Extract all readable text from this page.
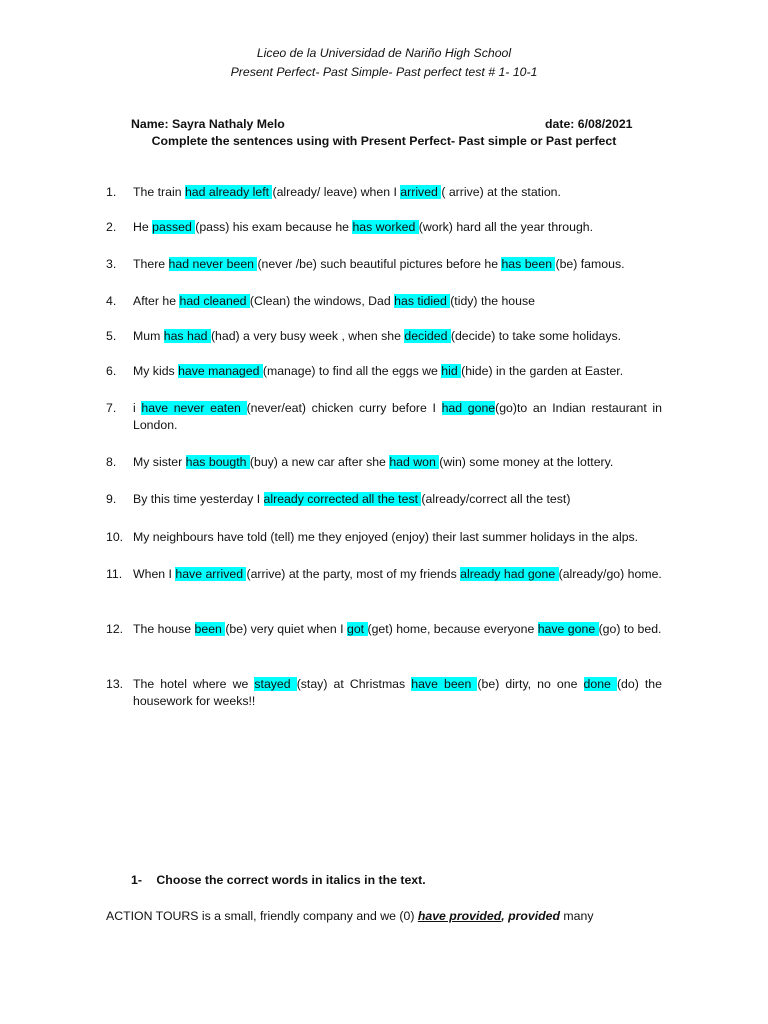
Liceo de la Universidad de Nariño High School
Present Perfect- Past Simple- Past perfect test # 1- 10-1
Name: Sayra Nathaly Melo	date: 6/08/2021
Complete the sentences using with Present Perfect- Past simple or Past perfect
1.	The train had already left (already/ leave) when I arrived ( arrive) at the station.
2.	He passed (pass) his exam because he has worked (work) hard all the year through.
3.	There had never been (never /be) such beautiful pictures before he has been (be) famous.
4.	After he had cleaned (Clean) the windows, Dad has tidied (tidy) the house
5.	Mum has had (had) a very busy week , when she decided (decide) to take some holidays.
6.	My kids have managed (manage) to find all the eggs we hid (hide) in the garden at Easter.
7.	i have never eaten (never/eat) chicken curry before I had gone(go)to an Indian restaurant in London.
8.	My sister has bougth (buy) a new car after she had won (win) some money at the lottery.
9.	By this time yesterday I already corrected all the test (already/correct all the test)
10. My neighbours have told (tell) me they enjoyed (enjoy) their last summer holidays in the alps.
11. When I have arrived (arrive) at the party, most of my friends already had gone (already/go) home.
12. The house been (be) very quiet when I got (get) home, because everyone have gone (go) to bed.
13. The hotel where we stayed (stay) at Christmas have been (be) dirty, no one done (do) the housework for weeks!!
1- Choose the correct words in italics in the text.
ACTION TOURS is a small, friendly company and we (0) have provided, provided many
